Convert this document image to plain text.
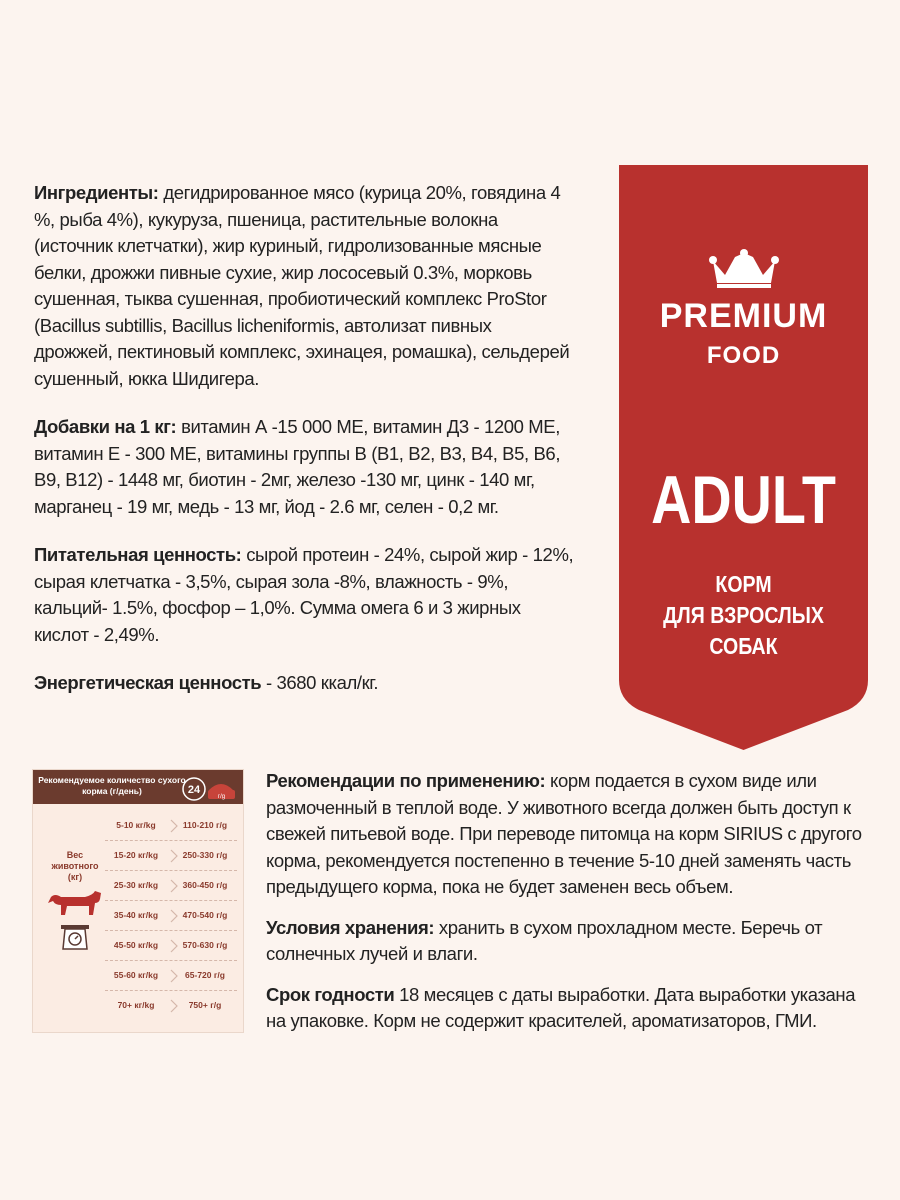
Ингредиенты: дегидрированное мясо (курица 20%, говядина 4 %, рыба 4%), кукуруза, пшеница, растительные волокна (источник клетчатки), жир куриный, гидролизованные мясные белки, дрожжи пивные сухие, жир лососевый 0.3%, морковь сушенная, тыква сушенная, пробиотический комплекс ProStor (Bacillus subtillis, Bacillus licheniformis, автолизат пивных дрожжей, пектиновый комплекс, эхинацея, ромашка), сельдерей сушенный, юкка Шидигера.

Добавки на 1 кг: витамин А -15 000 МЕ, витамин Д3 - 1200 МЕ, витамин Е - 300 МЕ, витамины группы В (В1, В2, В3, В4, В5, В6, В9, В12) - 1448 мг, биотин - 2мг, железо -130 мг, цинк - 140 мг, марганец - 19 мг, медь - 13 мг, йод - 2.6 мг, селен - 0,2 мг.

Питательная ценность: сырой протеин - 24%, сырой жир - 12%, сырая клетчатка - 3,5%, сырая зола -8%, влажность - 9%, кальций- 1.5%, фосфор – 1,0%. Сумма омега 6 и 3 жирных кислот - 2,49%.

Энергетическая ценность - 3680 ккал/кг.

PREMIUM
FOOD
ADULT
КОРМ
ДЛЯ ВЗРОСЛЫХ
СОБАК
Рекомендуемое количество сухого корма (г/день)	24
г/g
Вес
животного
(кг)
5-10 кг/kg	110-210 г/g
15-20 кг/kg	250-330 г/g
25-30 кг/kg	360-450 г/g
35-40 кг/kg	470-540 г/g
45-50 кг/kg	570-630 г/g
55-60 кг/kg	65-720 г/g
70+ кг/kg	750+ г/g

Рекомендации по применению: корм подается в сухом виде или размоченный в теплой воде. У животного всегда должен быть доступ к свежей питьевой воде. При переводе питомца на корм SIRIUS с другого корма, рекомендуется постепенно в течение 5-10 дней заменять часть предыдущего корма, пока не будет заменен весь объем.

Условия хранения: хранить в сухом прохладном месте. Беречь от солнечных лучей и влаги.

Срок годности 18 месяцев с даты выработки. Дата выработки указана на упаковке. Корм не содержит красителей, ароматизаторов, ГМИ.
